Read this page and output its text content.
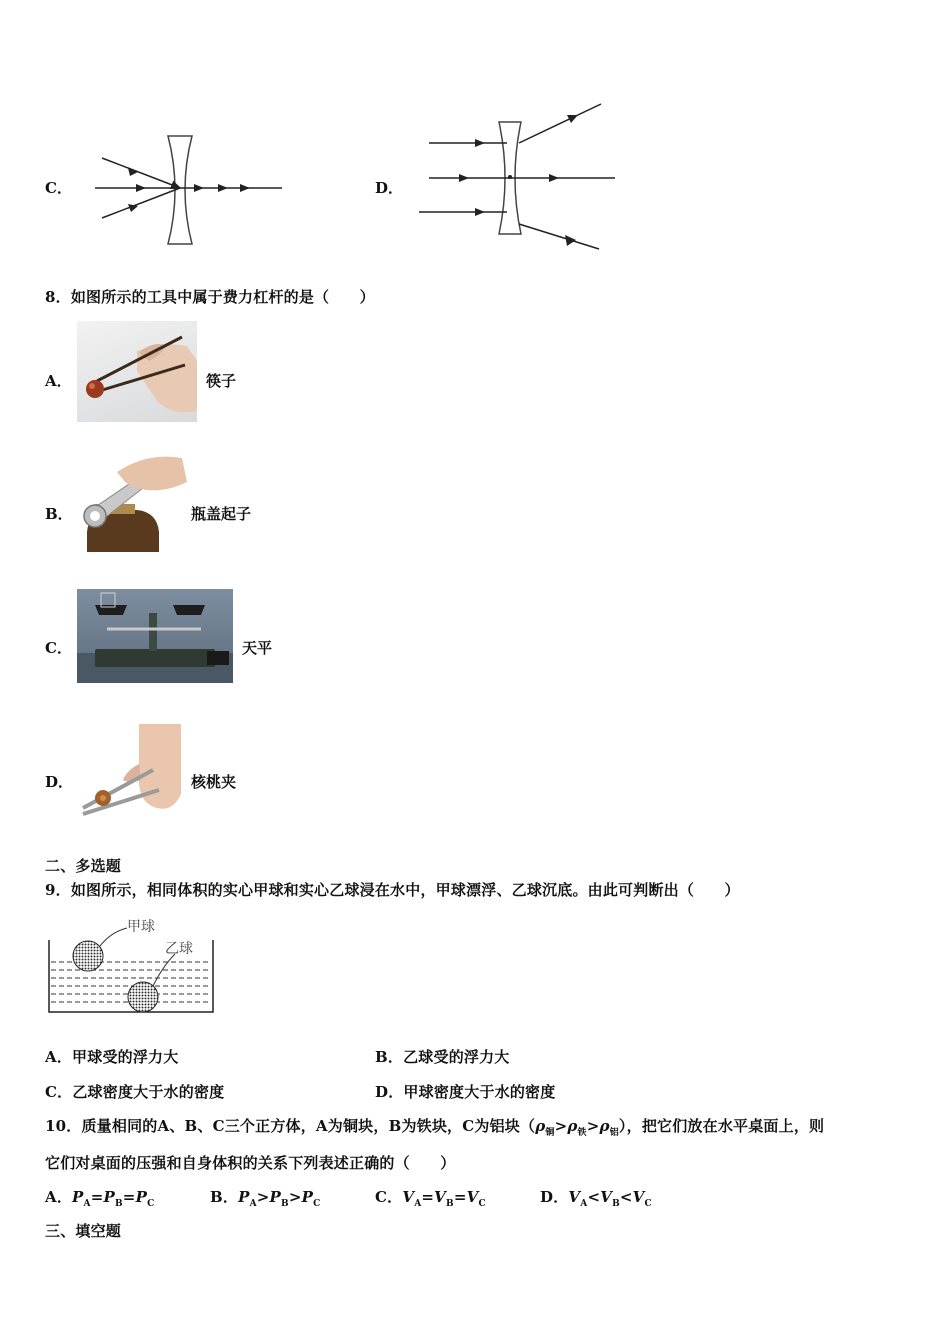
C．	D．
8．如图所示的工具中属于费力杠杆的是（　　）
A．	筷子
B．	瓶盖起子
C．	天平
D．	核桃夹
二、多选题
9．如图所示，相同体积的实心甲球和实心乙球浸在水中，甲球漂浮、乙球沉底。由此可判断出（　　）
甲球
乙球
A．甲球受的浮力大	B．乙球受的浮力大
C．乙球密度大于水的密度	D．甲球密度大于水的密度
10．质量相同的A、B、C三个正方体，A为铜块，B为铁块，C为铝块$(\rho_铜>\rho_铁>\rho_铝)$，把它们放在水平桌面上，则
它们对桌面的压强和自身体积的关系下列表述正确的（　　）
A．$P_A=P_B=P_C$	B．$P_A>P_B>P_C$	C．$V_A=V_B=V_C$	D．$V_A<V_B<V_C$
三、填空题
